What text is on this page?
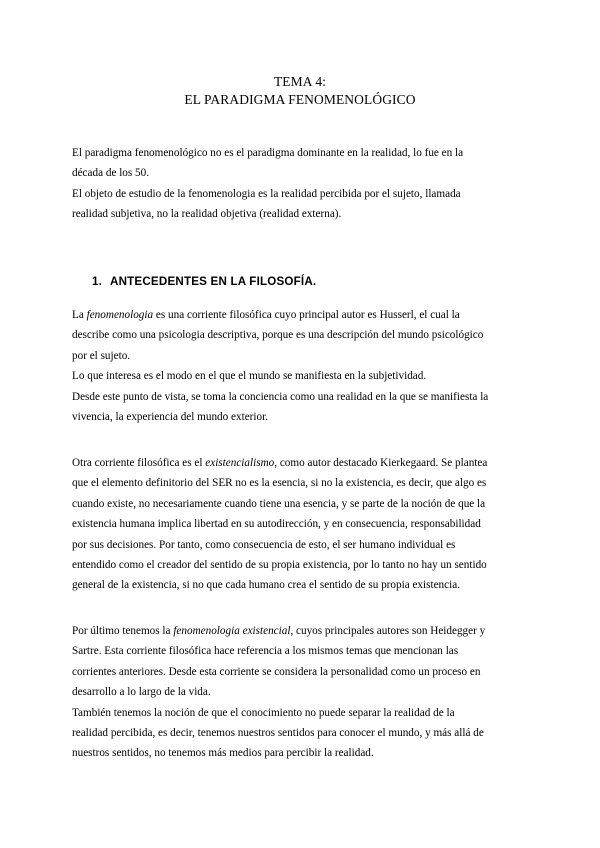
TEMA 4:
EL PARADIGMA FENOMENOLÓGICO
El paradigma fenomenológico no es el paradigma dominante en la realidad, lo fue en la
década de los 50.
El objeto de estudio de la fenomenologia es la realidad percibida por el sujeto, llamada
realidad subjetiva, no la realidad objetiva (realidad externa).
1. ANTECEDENTES EN LA FILOSOFÍA.
La fenomenologia es una corriente filosófica cuyo principal autor es Husserl, el cual la
describe como una psicologia descriptiva, porque es una descripción del mundo psicológico
por el sujeto.
Lo que interesa es el modo en el que el mundo se manifiesta en la subjetividad.
Desde este punto de vista, se toma la conciencia como una realidad en la que se manifiesta la
vivencia, la experiencia del mundo exterior.
Otra corriente filosófica es el existencialismo, como autor destacado Kierkegaard. Se plantea
que el elemento definitorio del SER no es la esencia, si no la existencia, es decir, que algo es
cuando existe, no necesariamente cuando tiene una esencia, y se parte de la noción de que la
existencia humana implica libertad en su autodirección, y en consecuencia, responsabilidad
por sus decisiones. Por tanto, como consecuencia de esto, el ser humano individual es
entendido como el creador del sentido de su propia existencia, por lo tanto no hay un sentido
general de la existencia, si no que cada humano crea el sentido de su propia existencia.
Por último tenemos la fenomenologia existencial, cuyos principales autores son Heidegger y
Sartre. Esta corriente filosófica hace referencia a los mismos temas que mencionan las
corrientes anteriores. Desde esta corriente se considera la personalidad como un proceso en
desarrollo a lo largo de la vida.
También tenemos la noción de que el conocimiento no puede separar la realidad de la
realidad percibida, es decir, tenemos nuestros sentidos para conocer el mundo, y más allá de
nuestros sentidos, no tenemos más medios para percibir la realidad.
